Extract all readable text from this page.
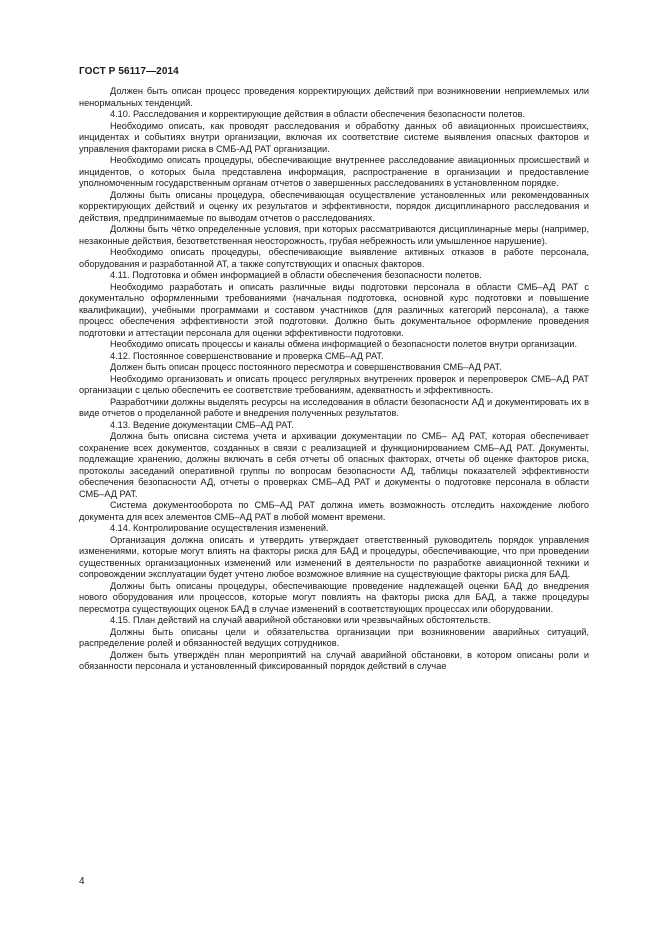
ГОСТ Р 56117—2014

Должен быть описан процесс проведения корректирующих действий при возникновении неприемлемых или ненормальных тенденций.

4.10. Расследования и корректирующие действия в области обеспечения безопасности полетов.

Необходимо описать, как проводят расследования и обработку данных об авиационных происшествиях, инцидентах и событиях внутри организации, включая их соответствие системе выявления опасных факторов и управления факторами риска в СМБ-АД РАТ организации.

Необходимо описать процедуры, обеспечивающие внутреннее расследование авиационных происшествий и инцидентов, о которых была представлена информация, распространение в организации и предоставление уполномоченным государственным органам отчетов о завершенных расследованиях в установленном порядке.

Должны быть описаны процедура, обеспечивающая осуществление установленных или рекомендованных корректирующих действий и оценку их результатов и эффективности, порядок дисциплинарного расследования и действия, предпринимаемые по выводам отчетов о расследованиях.

Должны быть чётко определенные условия, при которых рассматриваются дисциплинарные меры (например, незаконные действия, безответственная неосторожность, грубая небрежность или умышленное нарушение).

Необходимо описать процедуры, обеспечивающие выявление активных отказов в работе персонала, оборудования и разработанной АТ, а также сопутствующих и опасных факторов.

4.11. Подготовка и обмен информацией в области обеспечения безопасности полетов.

Необходимо разработать и описать различные виды подготовки персонала в области СМБ–АД РАТ с документально оформленными требованиями (начальная подготовка, основной курс подготовки и повышение квалификации), учебными программами и составом участников (для различных категорий персонала), а также процесс обеспечения эффективности этой подготовки. Должно быть документальное оформление проведения подготовки и аттестации персонала для оценки эффективности подготовки.

Необходимо описать процессы и каналы обмена информацией о безопасности полетов внутри организации.

4.12. Постоянное совершенствование и проверка СМБ–АД РАТ.

Должен быть описан процесс постоянного пересмотра и совершенствования СМБ–АД РАТ.

Необходимо организовать и описать процесс регулярных внутренних проверок и перепроверок СМБ–АД РАТ организации с целью обеспечить ее соответствие требованиям, адекватность и эффективность.

Разработчики должны выделять ресурсы на исследования в области безопасности АД и документировать их в виде отчетов о проделанной работе и внедрения полученных результатов.

4.13. Ведение документации СМБ–АД РАТ.

Должна быть описана система учета и архивации документации по СМБ– АД РАТ, которая обеспечивает сохранение всех документов, созданных в связи с реализацией и функционированием СМБ–АД РАТ. Документы, подлежащие хранению, должны включать в себя отчеты об опасных факторах, отчеты об оценке факторов риска, протоколы заседаний оперативной группы по вопросам безопасности АД, таблицы показателей эффективности обеспечения безопасности АД, отчеты о проверках СМБ–АД РАТ и документы о подготовке персонала в области СМБ–АД РАТ.

Система документооборота по СМБ–АД РАТ должна иметь возможность отследить нахождение любого документа для всех элементов СМБ–АД РАТ в любой момент времени.

4.14. Контролирование осуществления изменений.

Организация должна описать и утвердить утверждает ответственный руководитель порядок управления изменениями, которые могут влиять на факторы риска для БАД и процедуры, обеспечивающие, что при проведении существенных организационных изменений или изменений в деятельности по разработке авиационной техники и сопровождении эксплуатации будет учтено любое возможное влияние на существующие факторы риска для БАД.

Должны быть описаны процедуры, обеспечивающие проведение надлежащей оценки БАД до внедрения нового оборудования или процессов, которые могут повлиять на факторы риска для БАД, а также процедуры пересмотра существующих оценок БАД в случае изменений в соответствующих процессах или оборудовании.

4.15. План действий на случай аварийной обстановки или чрезвычайных обстоятельств.

Должны быть описаны цели и обязательства организации при возникновении аварийных ситуаций, распределение ролей и обязанностей ведущих сотрудников.

Должен быть утверждён план мероприятий на случай аварийной обстановки, в котором описаны роли и обязанности персонала и установленный фиксированный порядок действий в случае

4
